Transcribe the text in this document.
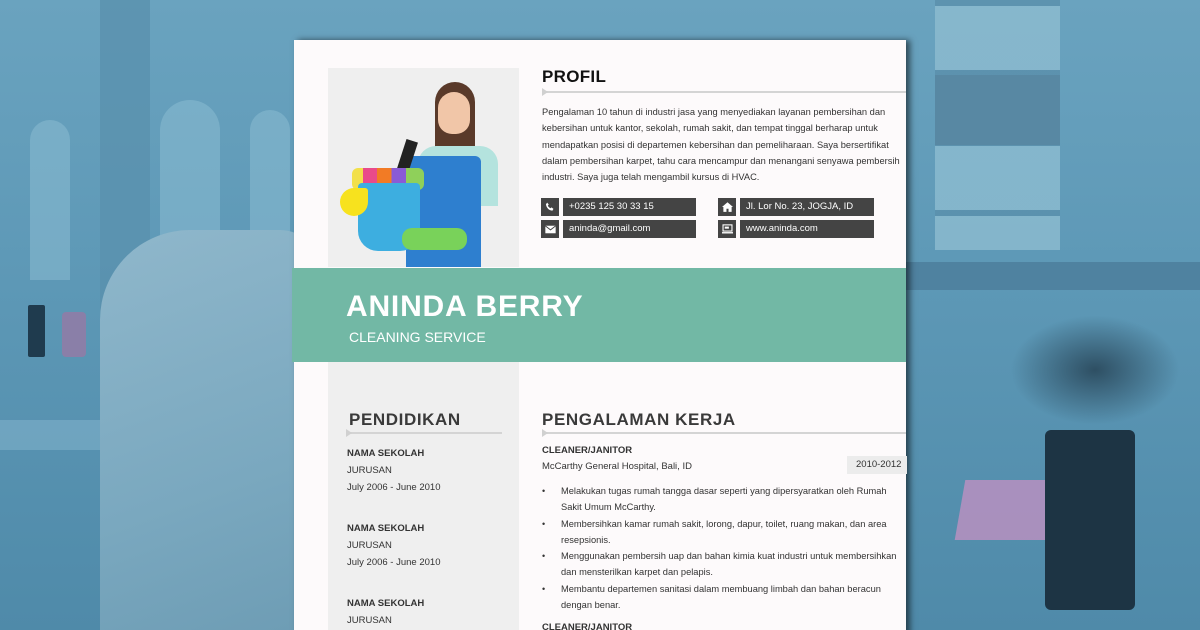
PROFIL

Pengalaman 10 tahun di industri jasa yang menyediakan layanan pembersihan dan kebersihan untuk kantor, sekolah, rumah sakit, dan tempat tinggal berharap untuk mendapatkan posisi di departemen kebersihan dan pemeliharaan. Saya bersertifikat dalam pembersihan karpet, tahu cara mencampur dan menangani senyawa pembersih industri. Saya juga telah mengambil kursus di HVAC.

+0235 125 30 33 15
aninda@gmail.com
Jl. Lor No. 23, JOGJA, ID
www.aninda.com
PENDIDIKAN
NAMA SEKOLAH
JURUSAN
July 2006 - June 2010
NAMA SEKOLAH
JURUSAN
July 2006 - June 2010
NAMA SEKOLAH
JURUSAN
PENGALAMAN KERJA
CLEANER/JANITOR
McCarthy General Hospital, Bali, ID	2010-2012
• Melakukan tugas rumah tangga dasar seperti yang dipersyaratkan oleh Rumah Sakit Umum McCarthy.
• Membersihkan kamar rumah sakit, lorong, dapur, toilet, ruang makan, dan area resepsionis.
• Menggunakan pembersih uap dan bahan kimia kuat industri untuk membersihkan dan mensterilkan karpet dan pelapis.
• Membantu departemen sanitasi dalam membuang limbah dan bahan beracun dengan benar.
CLEANER/JANITOR
ANINDA BERRY
CLEANING SERVICE
